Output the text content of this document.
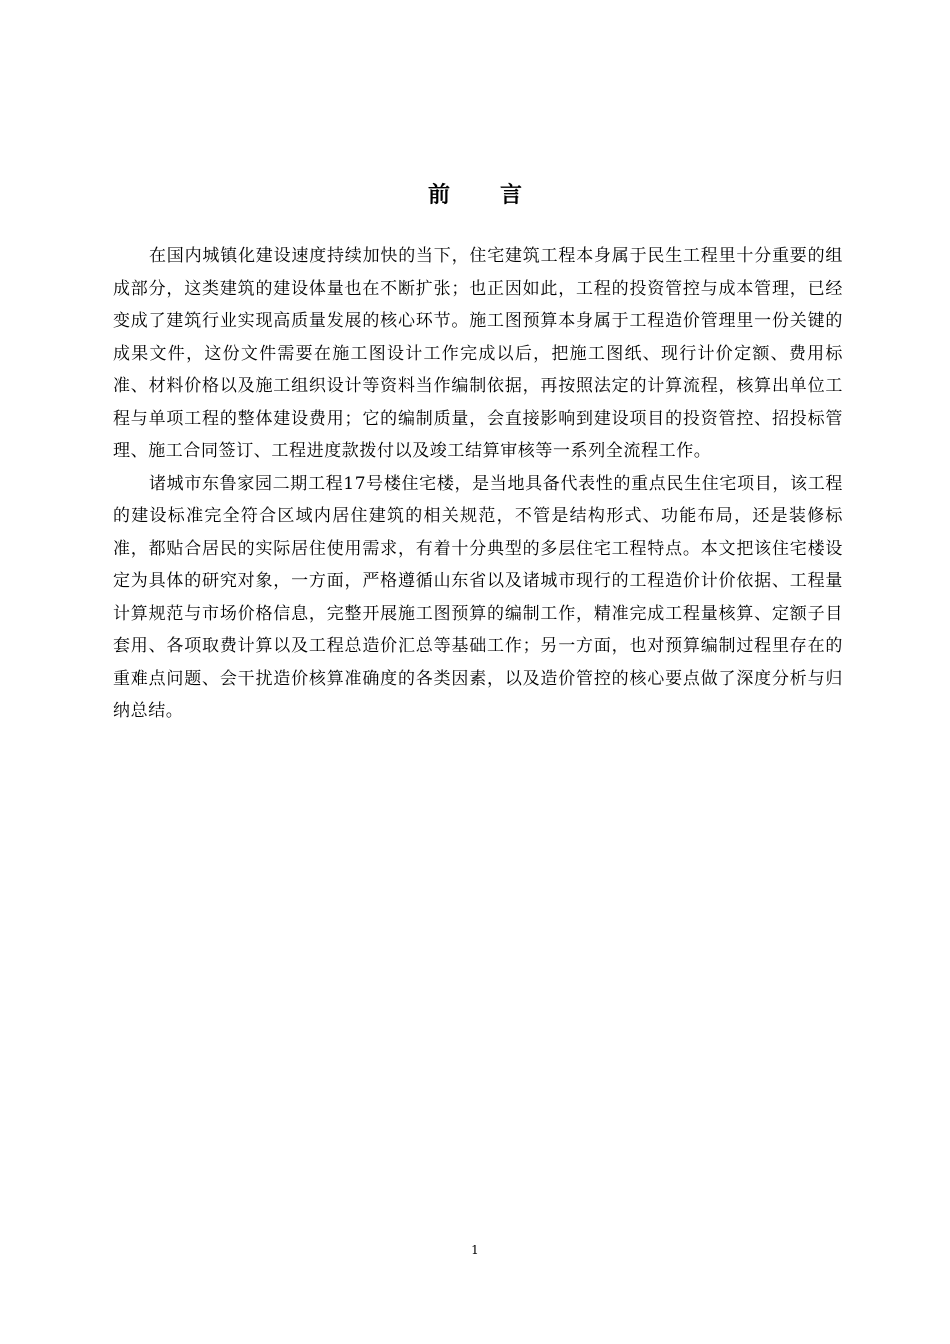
前言

在国内城镇化建设速度持续加快的当下，住宅建筑工程本身属于民生工程里十分重要的组成部分，这类建筑的建设体量也在不断扩张；也正因如此，工程的投资管控与成本管理，已经变成了建筑行业实现高质量发展的核心环节。施工图预算本身属于工程造价管理里一份关键的成果文件，这份文件需要在施工图设计工作完成以后，把施工图纸、现行计价定额、费用标准、材料价格以及施工组织设计等资料当作编制依据，再按照法定的计算流程，核算出单位工程与单项工程的整体建设费用；它的编制质量，会直接影响到建设项目的投资管控、招投标管理、施工合同签订、工程进度款拨付以及竣工结算审核等一系列全流程工作。

诸城市东鲁家园二期工程17号楼住宅楼，是当地具备代表性的重点民生住宅项目，该工程的建设标准完全符合区域内居住建筑的相关规范，不管是结构形式、功能布局，还是装修标准，都贴合居民的实际居住使用需求，有着十分典型的多层住宅工程特点。本文把该住宅楼设定为具体的研究对象，一方面，严格遵循山东省以及诸城市现行的工程造价计价依据、工程量计算规范与市场价格信息，完整开展施工图预算的编制工作，精准完成工程量核算、定额子目套用、各项取费计算以及工程总造价汇总等基础工作；另一方面，也对预算编制过程里存在的重难点问题、会干扰造价核算准确度的各类因素，以及造价管控的核心要点做了深度分析与归纳总结。

1
